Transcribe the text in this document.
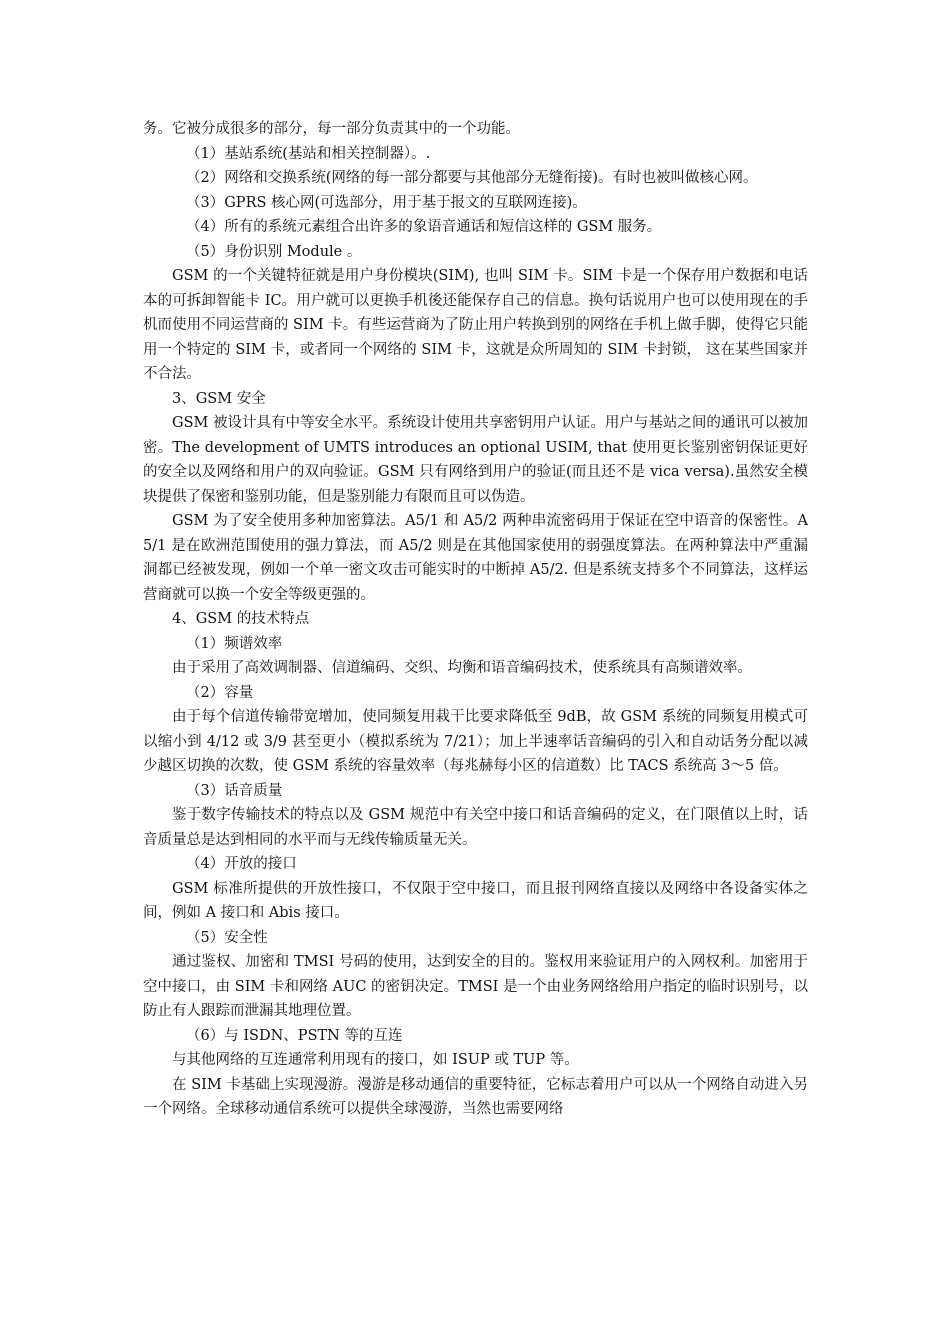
务。它被分成很多的部分，每一部分负责其中的一个功能。

（1）基站系统(基站和相关控制器）。.

（2）网络和交换系统(网络的每一部分都要与其他部分无缝衔接)。有时也被叫做核心网。

（3）GPRS 核心网(可选部分，用于基于报文的互联网连接)。

（4）所有的系统元素组合出许多的象语音通话和短信这样的 GSM 服务。

（5）身份识别 Module 。

GSM 的一个关键特征就是用户身份模块(SIM), 也叫 SIM 卡。SIM 卡是一个保存用户数据和电话本的可拆卸智能卡 IC。用户就可以更换手机後还能保存自己的信息。换句话说用户也可以使用现在的手机而使用不同运营商的 SIM 卡。有些运营商为了防止用户转换到别的网络在手机上做手脚，使得它只能用一个特定的 SIM 卡，或者同一个网络的 SIM 卡，这就是众所周知的 SIM 卡封锁， 这在某些国家并不合法。

3、GSM 安全

GSM 被设计具有中等安全水平。系统设计使用共享密钥用户认证。用户与基站之间的通讯可以被加密。The development of UMTS introduces an optional USIM, that 使用更长鉴别密钥保证更好的安全以及网络和用户的双向验证。GSM 只有网络到用户的验证(而且还不是 vica versa).虽然安全模块提供了保密和鉴别功能，但是鉴别能力有限而且可以伪造。

GSM 为了安全使用多种加密算法。A5/1 和 A5/2 两种串流密码用于保证在空中语音的保密性。A5/1 是在欧洲范围使用的强力算法，而 A5/2 则是在其他国家使用的弱强度算法。在两种算法中严重漏洞都已经被发现，例如一个单一密文攻击可能实时的中断掉 A5/2. 但是系统支持多个不同算法，这样运营商就可以换一个安全等级更强的。

4、GSM 的技术特点

（1）频谱效率

由于采用了高效调制器、信道编码、交织、均衡和语音编码技术，使系统具有高频谱效率。

（2）容量

由于每个信道传输带宽增加，使同频复用栽干比要求降低至 9dB，故 GSM 系统的同频复用模式可以缩小到 4/12 或 3/9 甚至更小（模拟系统为 7/21）；加上半速率话音编码的引入和自动话务分配以减少越区切换的次数，使 GSM 系统的容量效率（每兆赫每小区的信道数）比 TACS 系统高 3～5 倍。

（3）话音质量

鉴于数字传输技术的特点以及 GSM 规范中有关空中接口和话音编码的定义，在门限值以上时，话音质量总是达到相同的水平而与无线传输质量无关。

（4）开放的接口

GSM 标准所提供的开放性接口，不仅限于空中接口，而且报刊网络直接以及网络中各设备实体之间，例如 A 接口和 Abis 接口。

（5）安全性

通过鉴权、加密和 TMSI 号码的使用，达到安全的目的。鉴权用来验证用户的入网权利。加密用于空中接口，由 SIM 卡和网络 AUC 的密钥决定。TMSI 是一个由业务网络给用户指定的临时识别号，以防止有人跟踪而泄漏其地理位置。

（6）与 ISDN、PSTN 等的互连

与其他网络的互连通常利用现有的接口，如 ISUP 或 TUP 等。

在 SIM 卡基础上实现漫游。漫游是移动通信的重要特征，它标志着用户可以从一个网络自动进入另一个网络。全球移动通信系统可以提供全球漫游，当然也需要网络
